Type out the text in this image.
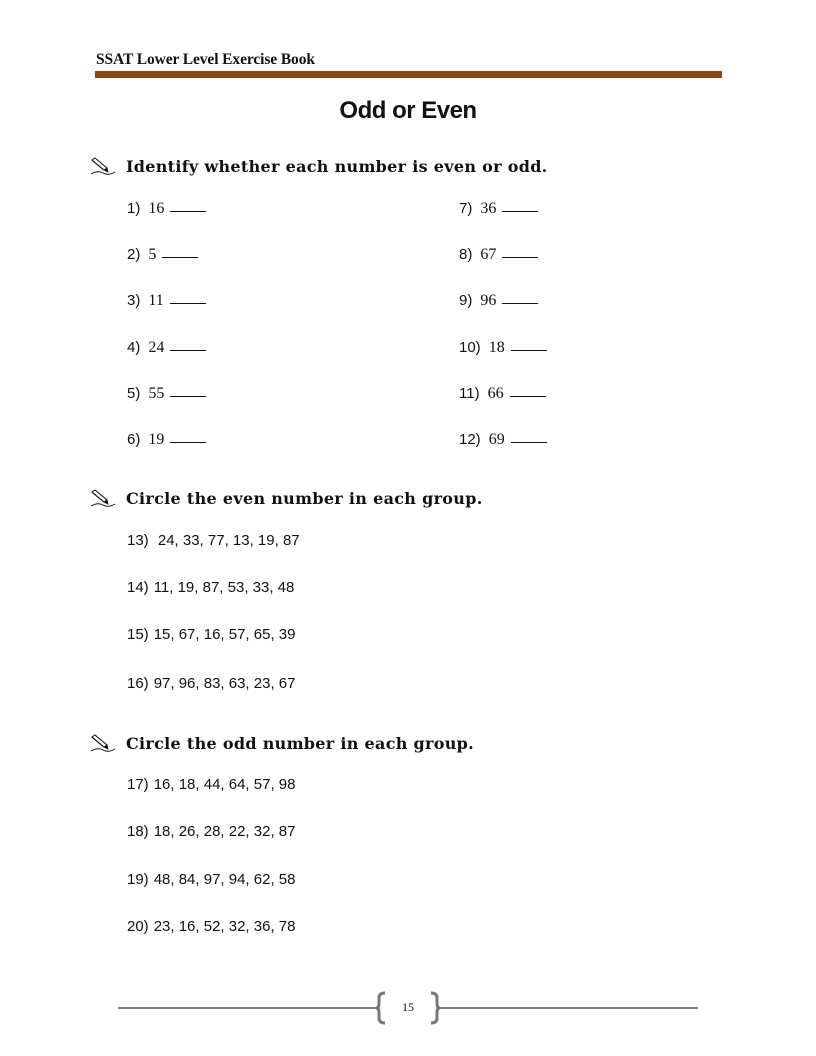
SSAT Lower Level Exercise Book
Odd or Even
Identify whether each number is even or odd.
1) 16
2) 5
3) 11
4) 24
5) 55
6) 19
7) 36
8) 67
9) 96
10) 18
11) 66
12) 69
Circle the even number in each group.
13) 24, 33, 77, 13, 19, 87
14) 11, 19, 87, 53, 33, 48
15) 15, 67, 16, 57, 65, 39
16) 97, 96, 83, 63, 23, 67
Circle the odd number in each group.
17) 16, 18, 44, 64, 57, 98
18) 18, 26, 28, 22, 32, 87
19) 48, 84, 97, 94, 62, 58
20) 23, 16, 52, 32, 36, 78
15
